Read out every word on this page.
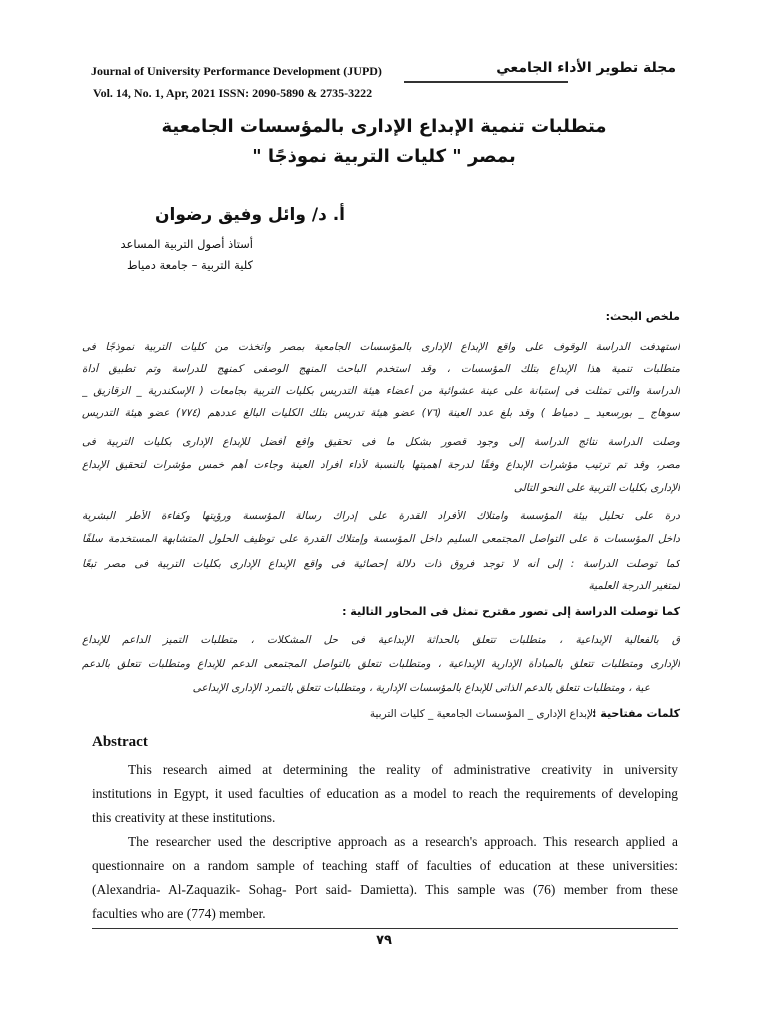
Journal of University Performance Development (JUPD)	مجلة تطوير الأداء الجامعي
Vol. 14, No. 1, Apr, 2021 ISSN: 2090-5890 & 2735-3222
متطلبات تنمية الإبداع الإدارى بالمؤسسات الجامعية
بمصر " كليات التربية نموذجًا "
أ. د/ وائل وفيق رضوان
أستاذ أصول التربية المساعد
كلية التربية – جامعة دمياط
ملخص البحث:
استهدفت الدراسة الوقوف على واقع الإبداع الإدارى بالمؤسسات الجامعية بمصر واتخذت من كليات التربية نموذجًا فى
متطلبات تنمية هذا الإبداع بتلك المؤسسات ، وقد استخدم الباحث المنهج الوصفى كمنهج للدراسة وتم تطبيق أداة
الدراسة والتى تمثلت فى إستبانة على عينة عشوائية من أعضاء هيئة التدريس بكليات التربية بجامعات ( الإسكندرية _ الزقازيق _
سوهاج _ بورسعيد _ دمياط ) وقد بلغ عدد العينة (٧٦) عضو هيئة تدريس بتلك الكليات البالغ عددهم (٧٧٤) عضو هيئة التدريس
وصلت الدراسة نتائج الدراسة إلى وجود قصور بشكل ما فى تحقيق واقع أفضل للإبداع الإدارى بكليات التربية فى
مصر، وقد تم ترتيب مؤشرات الإبداع وفقًا لدرجة أهميتها بالنسبة لأداء أفراد العينة وجاءت أهم خمس مؤشرات لتحقيق الإبداع
الإدارى بكليات التربية على النحو التالى
درة على تحليل بيئة المؤسسة وامتلاك الأفراد القدرة على إدراك رسالة المؤسسة ورؤيتها وكفاءة الأطر البشرية
داخل المؤسسات ة على التواصل المجتمعى السليم داخل المؤسسة وإمتلاك القدرة على توظيف الحلول المتشابهة المستخدمة سلفًا
كما توصلت الدراسة : إلى أنه لا توجد فروق ذات دلالة إحصائية فى واقع الإبداع الإدارى بكليات التربية فى مصر تبعًا
لمتغير الدرجة العلمية
كما توصلت الدراسة إلى تصور مقترح تمثل فى المحاور التالية :
ق بالفعالية الإبداعية ، متطلبات تتعلق بالحداثة الإبداعية فى حل المشكلات ، متطلبات التميز الداعم للإبداع
الإدارى ومتطلبات تتعلق بالمبادأة الإدارية الإبداعية ، ومتطلبات تتعلق بالتواصل المجتمعى الدعم للإبداع ومتطلبات تتعلق بالدعم
عية ، ومتطلبات تتعلق بالدعم الذاتى للإبداع بالمؤسسات الإدارية ، ومتطلبات تتعلق بالتمرد الإدارى الإبداعى
كلمات مفتاحية :
الإبداع الإدارى _ المؤسسات الجامعية _ كليات التربية
Abstract
This research aimed at determining the reality of administrative creativity in university
institutions in Egypt, it used faculties of education as a model to reach the requirements of developing
this creativity at these institutions.
The researcher used the descriptive approach as a research's approach. This research applied a
questionnaire on a random sample of teaching staff of faculties of education at these universities:
(Alexandria- Al-Zaquazik- Sohag- Port said- Damietta). This sample was (76) member from these
faculties who are (774) member.
٧٩
